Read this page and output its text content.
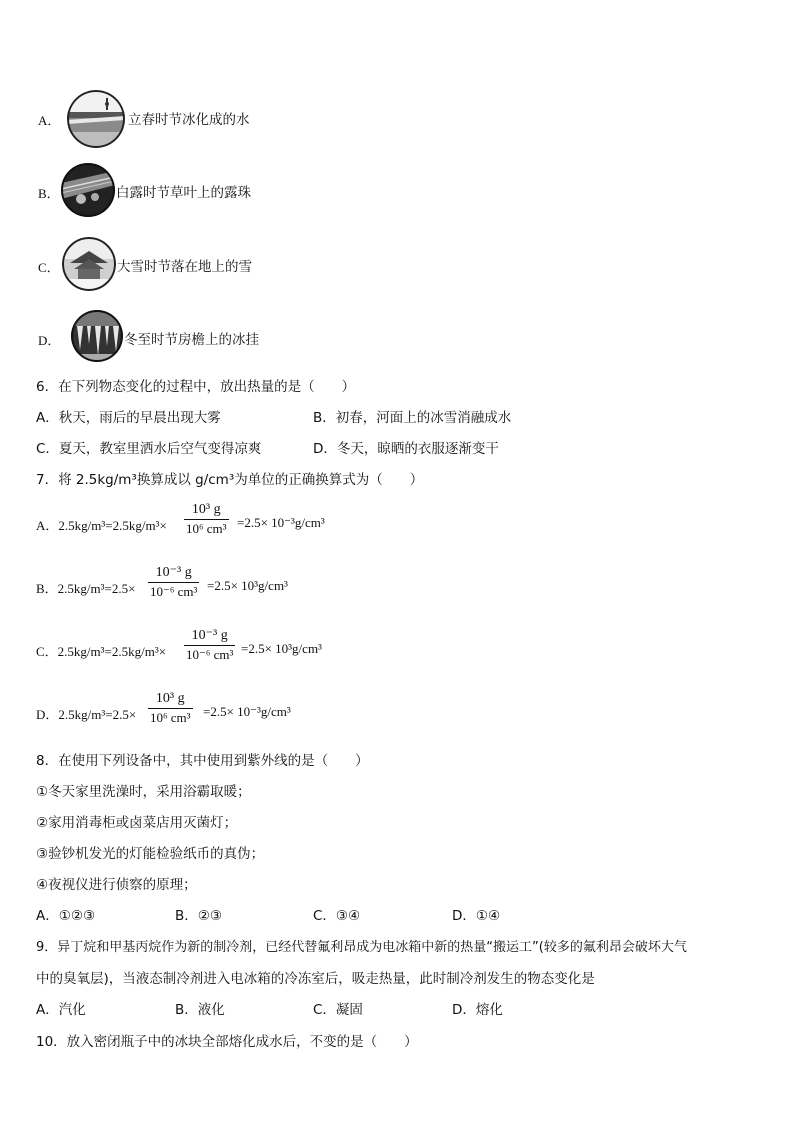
A．	立春时节冰化成的水
B．	白露时节草叶上的露珠
C．	大雪时节落在地上的雪
D．	冬至时节房檐上的冰挂
6．在下列物态变化的过程中，放出热量的是（　　）
A．秋天，雨后的早晨出现大雾	B．初春，河面上的冰雪消融成水
C．夏天，教室里洒水后空气变得凉爽	D．冬天，晾晒的衣服逐渐变干
7．将 2.5kg/m³换算成以 g/cm³为单位的正确换算式为（　　）
A．2.5kg/m³=2.5kg/m³×
10³ g
10⁶ cm³ =2.5× 10⁻³g/cm³
B．2.5kg/m³=2.5×
10⁻³ g
10⁻⁶ cm³ =2.5× 10³g/cm³
C．2.5kg/m³=2.5kg/m³×
10⁻³ g
10⁻⁶ cm³ =2.5× 10³g/cm³
D．2.5kg/m³=2.5×
10³ g
10⁶ cm³ =2.5× 10⁻³g/cm³
8．在使用下列设备中，其中使用到紫外线的是（　　）
①冬天家里洗澡时，采用浴霸取暖；
②家用消毒柜或卤菜店用灭菌灯；
③验钞机发光的灯能检验纸币的真伪；
④夜视仪进行侦察的原理；
A．①②③	B．②③	C．③④	D．①④
9．异丁烷和甲基丙烷作为新的制冷剂，已经代替氟利昂成为电冰箱中新的热量“搬运工”(较多的氟利昂会破坏大气
中的臭氧层)，当液态制冷剂进入电冰箱的冷冻室后，吸走热量，此时制冷剂发生的物态变化是
A．汽化	B．液化	C．凝固	D．熔化
10．放入密闭瓶子中的冰块全部熔化成水后，不变的是（　　）
